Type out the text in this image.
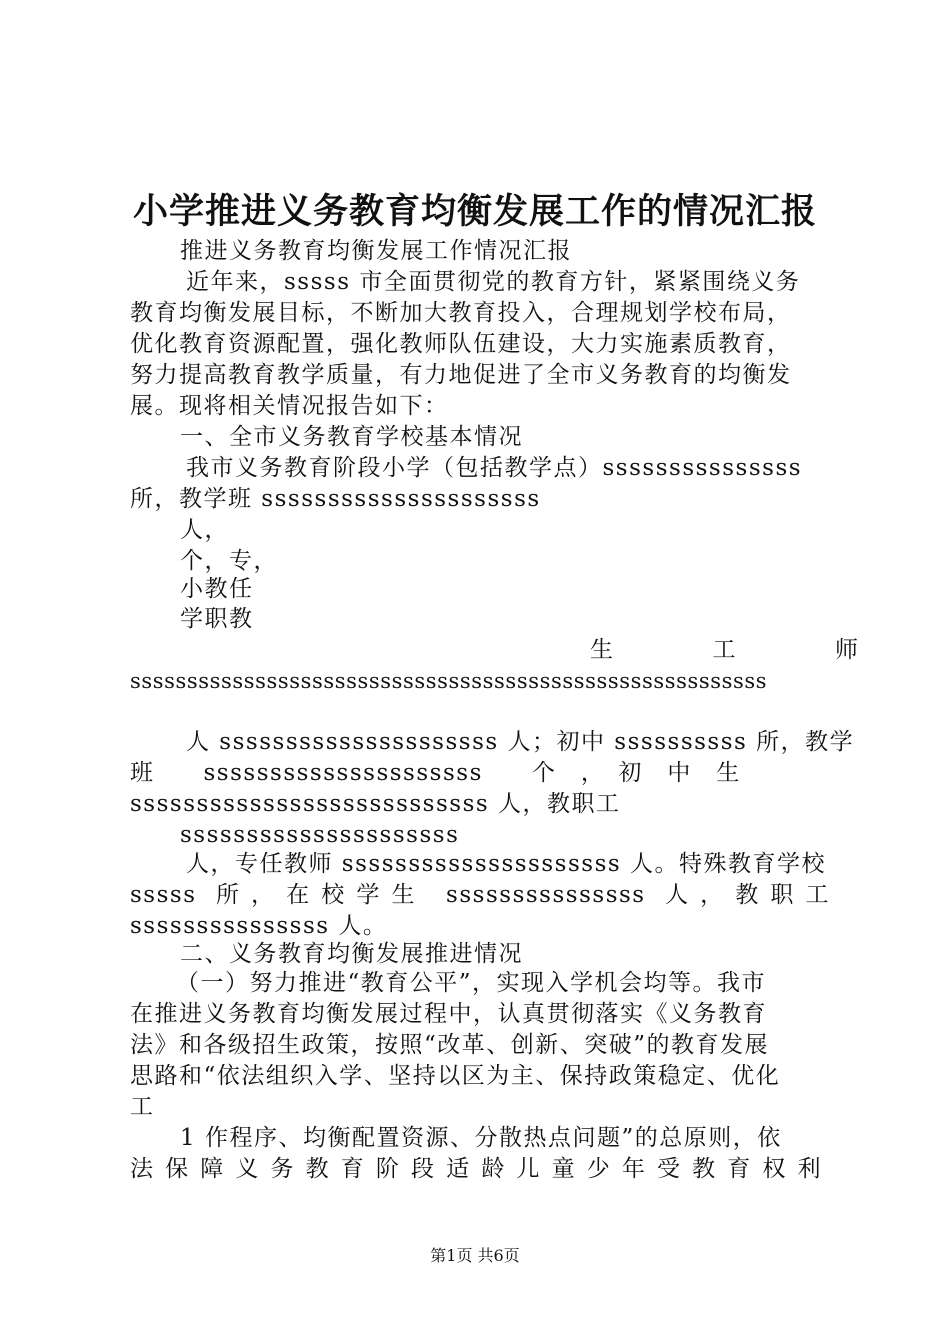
小学推进义务教育均衡发展工作的情况汇报
推进义务教育均衡发展工作情况汇报
近年来，sssss 市全面贯彻党的教育方针，紧紧围绕义务
教育均衡发展目标，不断加大教育投入，合理规划学校布局，
优化教育资源配置，强化教师队伍建设，大力实施素质教育，
努力提高教育教学质量，有力地促进了全市义务教育的均衡发
展。现将相关情况报告如下：
一、全市义务教育学校基本情况
我市义务教育阶段小学（包括教学点）sssssssssssssss
所，教学班 sssssssssssssssssssss
人，
个，专，
小教任
学职教
生　　　　工　　　　师
ssssssssssssssssssssssssssssssssssssssssssssssssssssssss
人 sssssssssssssssssssss 人；初中 ssssssssss 所，教学
班　　sssssssssssssssssssss　　个　，　初　中　生
sssssssssssssssssssssssssss 人，教职工
sssssssssssssssssssss
人，专任教师 sssssssssssssssssssss 人。特殊教育学校
sssss 所，在校学生 sssssssssssssss 人，教职工
sssssssssssssss 人。
二、义务教育均衡发展推进情况
（一）努力推进“教育公平”，实现入学机会均等。我市
在推进义务教育均衡发展过程中，认真贯彻落实《义务教育
法》和各级招生政策，按照“改革、创新、突破”的教育发展
思路和“依法组织入学、坚持以区为主、保持政策稳定、优化
工
1 作程序、均衡配置资源、分散热点问题”的总原则，依
法保障义务教育阶段适龄儿童少年受教育权利
第1页 共6页
